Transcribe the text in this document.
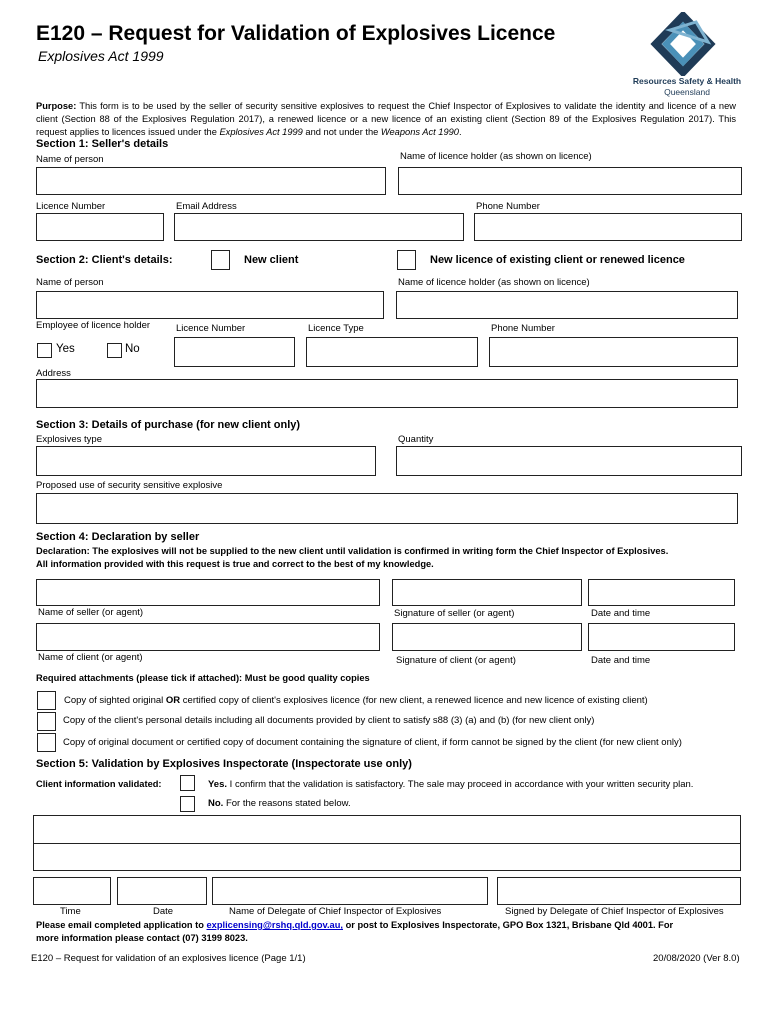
E120 – Request for Validation of Explosives Licence
Explosives Act 1999
Resources Safety & Health
Queensland
Purpose: This form is to be used by the seller of security sensitive explosives to request the Chief Inspector of Explosives to validate the identity and licence of a new client (Section 88 of the Explosives Regulation 2017), a renewed licence or a new licence of an existing client (Section 89 of the Explosives Regulation 2017). This request applies to licences issued under the Explosives Act 1999 and not under the Weapons Act 1990.
Section 1: Seller's details
Name of person	Name of licence holder (as shown on licence)
Licence Number	Email Address	Phone Number
Section 2: Client's details:	New client	New licence of existing client or renewed licence
Name of person	Name of licence holder (as shown on licence)
Employee of licence holder	Licence Number	Licence Type	Phone Number
Yes	No
Address
Section 3: Details of purchase (for new client only)
Explosives type	Quantity
Proposed use of security sensitive explosive
Section 4: Declaration by seller
Declaration: The explosives will not be supplied to the new client until validation is confirmed in writing form the Chief Inspector of Explosives.
All information provided with this request is true and correct to the best of my knowledge.
Name of seller (or agent)	Signature of seller (or agent)	Date and time
Name of client (or agent)	Signature of client (or agent)	Date and time
Required attachments (please tick if attached): Must be good quality copies
Copy of sighted original OR certified copy of client's explosives licence (for new client, a renewed licence and new licence of existing client)
Copy of the client's personal details including all documents provided by client to satisfy s88 (3) (a) and (b) (for new client only)
Copy of original document or certified copy of document containing the signature of client, if form cannot be signed by the client (for new client only)
Section 5: Validation by Explosives Inspectorate (Inspectorate use only)
Client information validated:	Yes. I confirm that the validation is satisfactory. The sale may proceed in accordance with your written security plan.
No. For the reasons stated below.
Time	Date	Name of Delegate of Chief Inspector of Explosives	Signed by Delegate of Chief Inspector of Explosives
Please email completed application to explicensing@rshq.qld.gov.au, or post to Explosives Inspectorate, GPO Box 1321, Brisbane Qld 4001. For
more information please contact (07) 3199 8023.
E120 – Request for validation of an explosives licence (Page 1/1)	20/08/2020 (Ver 8.0)
